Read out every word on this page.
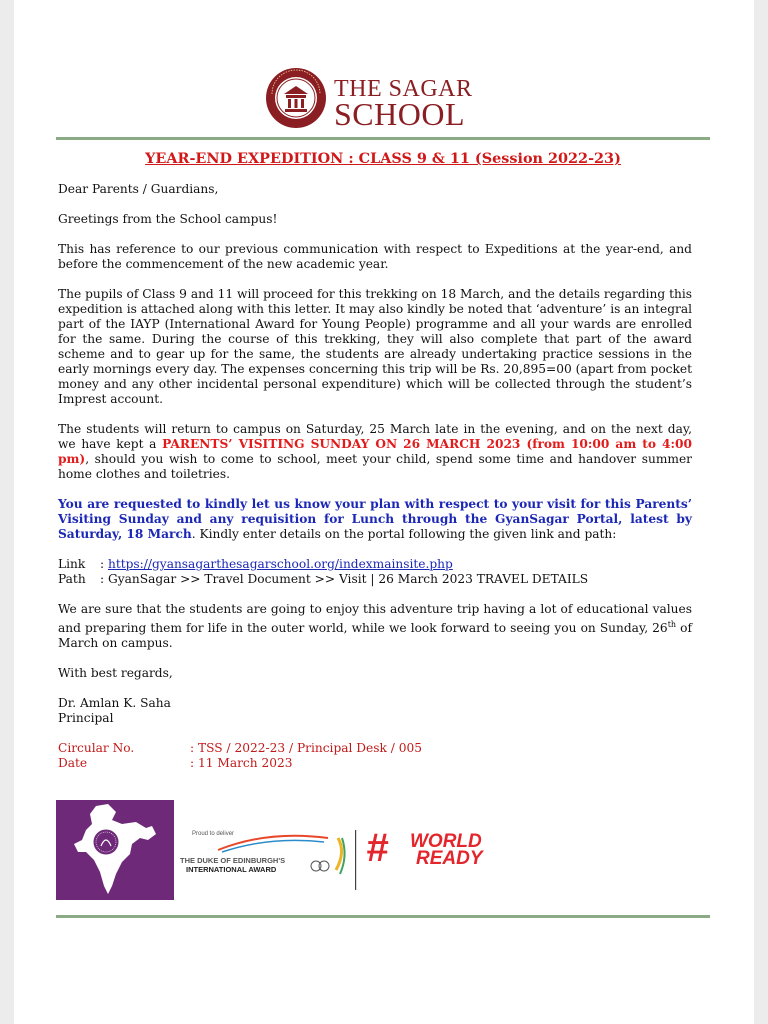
THE SAGAR
SCHOOL
YEAR-END EXPEDITION : CLASS 9 & 11 (Session 2022-23)

Dear Parents / Guardians,

Greetings from the School campus!

This has reference to our previous communication with respect to Expeditions at the year-end, and before the commencement of the new academic year.

The pupils of Class 9 and 11 will proceed for this trekking on 18 March, and the details regarding this expedition is attached along with this letter. It may also kindly be noted that ‘adventure’ is an integral part of the IAYP (International Award for Young People) programme and all your wards are enrolled for the same. During the course of this trekking, they will also complete that part of the award scheme and to gear up for the same, the students are already undertaking practice sessions in the early mornings every day. The expenses concerning this trip will be Rs. 20,895=00 (apart from pocket money and any other incidental personal expenditure) which will be collected through the student’s Imprest account.

The students will return to campus on Saturday, 25 March late in the evening, and on the next day, we have kept a PARENTS’ VISITING SUNDAY ON 26 MARCH 2023 (from 10:00 am to 4:00 pm), should you wish to come to school, meet your child, spend some time and handover summer home clothes and toiletries.

You are requested to kindly let us know your plan with respect to your visit for this Parents’ Visiting Sunday and any requisition for Lunch through the GyanSagar Portal, latest by Saturday, 18 March. Kindly enter details on the portal following the given link and path:

Link	: https://gyansagarthesagarschool.org/indexmainsite.php
Path	: GyanSagar >> Travel Document >> Visit | 26 March 2023 TRAVEL DETAILS

We are sure that the students are going to enjoy this adventure trip having a lot of educational values and preparing them for life in the outer world, while we look forward to seeing you on Sunday, 26th of March on campus.

With best regards,

Dr. Amlan K. Saha

Principal

Circular No.	: TSS / 2022-23 / Principal Desk / 005
Date	: 11 March 2023
Proud to deliver
THE DUKE OF EDINBURGH'S
INTERNATIONAL AWARD # WORLD
READY
